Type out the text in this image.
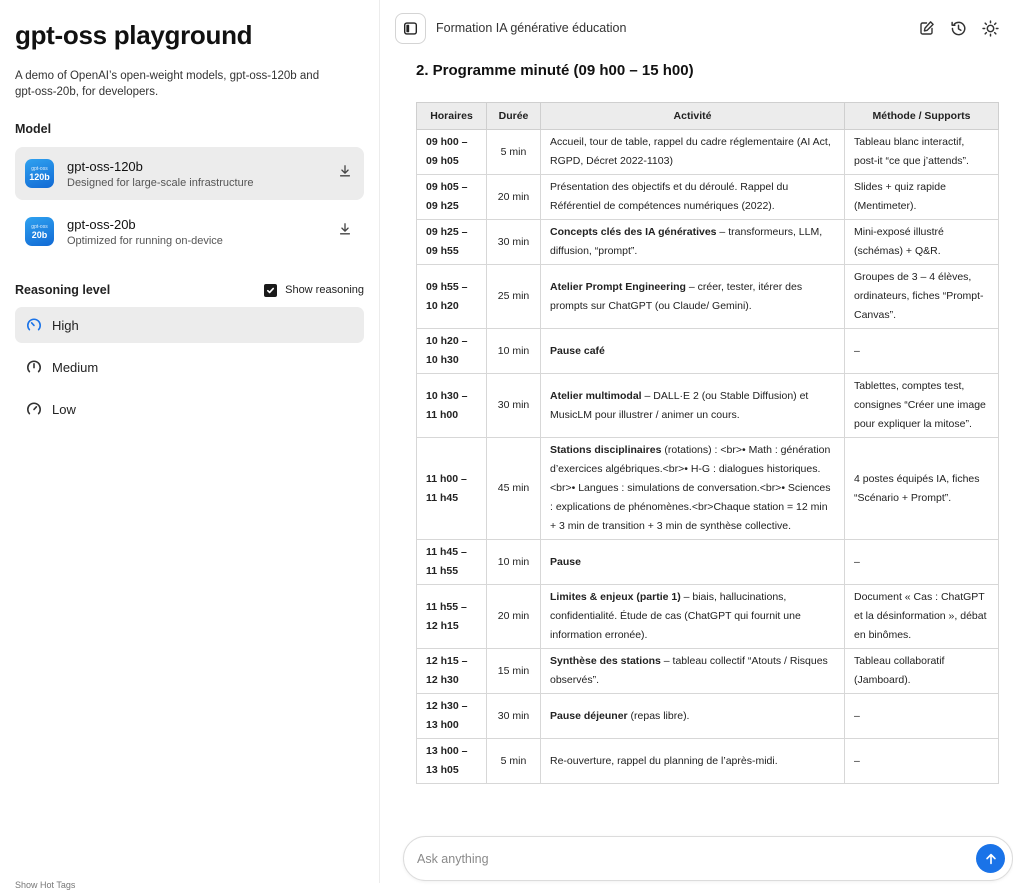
gpt-oss playground

A demo of OpenAI’s open-weight models, gpt-oss-120b and gpt-oss-20b, for developers.

Model
gpt-oss
120b
gpt-oss-120b
Designed for large-scale infrastructure
gpt-oss
20b
gpt-oss-20b
Optimized for running on-device
Reasoning level	Show reasoning
High
Medium
Low
Show Hot Tags
Formation IA générative éducation
2. Programme minuté (09 h00 – 15 h00)
Horaires	Durée	Activité	Méthode / Supports
09 h00 – 09 h05	5 min	Accueil, tour de table, rappel du cadre réglementaire (AI Act, RGPD, Décret 2022-1103)	Tableau blanc interactif, post-it “ce que j’attends”.
09 h05 – 09 h25	20 min	Présentation des objectifs et du déroulé. Rappel du Référentiel de compétences numériques (2022).	Slides + quiz rapide (Mentimeter).
09 h25 – 09 h55	30 min	Concepts clés des IA génératives – transformeurs, LLM, diffusion, “prompt”.	Mini-exposé illustré (schémas) + Q&R.
09 h55 – 10 h20	25 min	Atelier Prompt Engineering – créer, tester, itérer des prompts sur ChatGPT (ou Claude/ Gemini).	Groupes de 3 – 4 élèves, ordinateurs, fiches “Prompt-Canvas”.
10 h20 – 10 h30	10 min	Pause café	–
10 h30 – 11 h00	30 min	Atelier multimodal – DALL·E 2 (ou Stable Diffusion) et MusicLM pour illustrer / animer un cours.	Tablettes, comptes test, consignes “Créer une image pour expliquer la mitose”.
11 h00 – 11 h45	45 min	Stations disciplinaires (rotations) : <br>• Math : génération d’exercices algébriques.<br>• H-G : dialogues historiques.<br>• Langues : simulations de conversation.<br>• Sciences : explications de phénomènes.<br>Chaque station = 12 min + 3 min de transition + 3 min de synthèse collective.	4 postes équipés IA, fiches “Scénario + Prompt”.
11 h45 – 11 h55	10 min	Pause	–
11 h55 – 12 h15	20 min	Limites & enjeux (partie 1) – biais, hallucinations, confidentialité. Étude de cas (ChatGPT qui fournit une information erronée).	Document « Cas : ChatGPT et la désinformation », débat en binômes.
12 h15 – 12 h30	15 min	Synthèse des stations – tableau collectif “Atouts / Risques observés”.	Tableau collaboratif (Jamboard).
12 h30 – 13 h00	30 min	Pause déjeuner (repas libre).	–
13 h00 – 13 h05	5 min	Re-ouverture, rappel du planning de l’après-midi.	–
Ask anything
